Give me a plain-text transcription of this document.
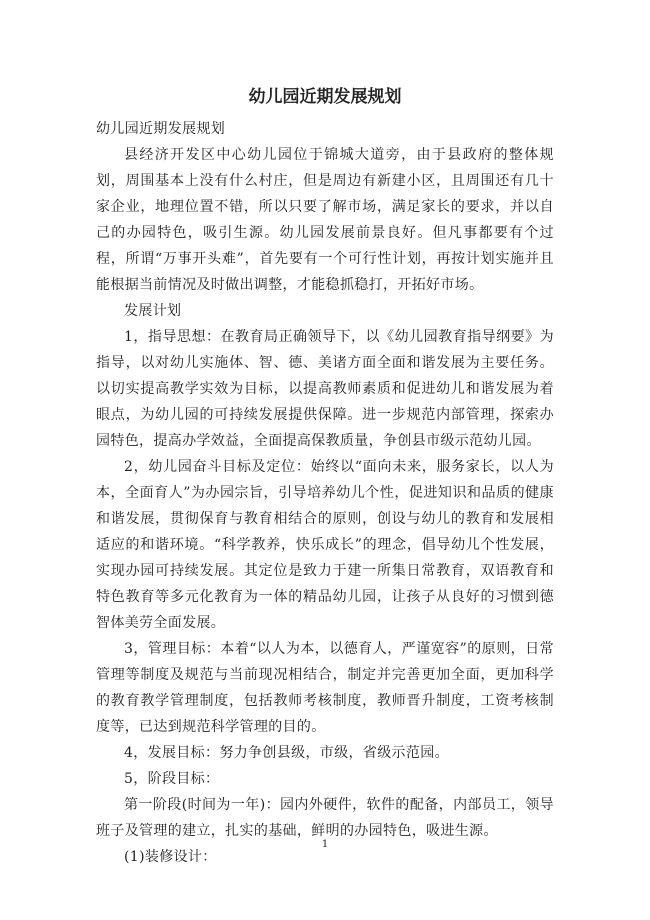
幼儿园近期发展规划

幼儿园近期发展规划

县经济开发区中心幼儿园位于锦城大道旁，由于县政府的整体规划，周围基本上没有什么村庄，但是周边有新建小区，且周围还有几十家企业，地理位置不错，所以只要了解市场，满足家长的要求，并以自己的办园特色，吸引生源。幼儿园发展前景良好。但凡事都要有个过程，所谓“万事开头难”，首先要有一个可行性计划，再按计划实施并且能根据当前情况及时做出调整，才能稳抓稳打，开拓好市场。

发展计划

1，指导思想：在教育局正确领导下，以《幼儿园教育指导纲要》为指导，以对幼儿实施体、智、德、美诸方面全面和谐发展为主要任务。以切实提高教学实效为目标，以提高教师素质和促进幼儿和谐发展为着眼点，为幼儿园的可持续发展提供保障。进一步规范内部管理，探索办园特色，提高办学效益，全面提高保教质量，争创县市级示范幼儿园。

2，幼儿园奋斗目标及定位：始终以“面向未来，服务家长，以人为本，全面育人”为办园宗旨，引导培养幼儿个性，促进知识和品质的健康和谐发展，贯彻保育与教育相结合的原则，创设与幼儿的教育和发展相适应的和谐环境。“科学教养，快乐成长”的理念，倡导幼儿个性发展，实现办园可持续发展。其定位是致力于建一所集日常教育，双语教育和特色教育等多元化教育为一体的精品幼儿园，让孩子从良好的习惯到德智体美劳全面发展。

3，管理目标：本着“以人为本，以德育人，严谨宽容”的原则，日常管理等制度及规范与当前现况相结合，制定并完善更加全面，更加科学的教育教学管理制度，包括教师考核制度，教师晋升制度，工资考核制度等，已达到规范科学管理的目的。

4，发展目标：努力争创县级，市级，省级示范园。

5，阶段目标：

第一阶段(时间为一年)：园内外硬件，软件的配备，内部员工，领导班子及管理的建立，扎实的基础，鲜明的办园特色，吸进生源。

(1)装修设计：

1
